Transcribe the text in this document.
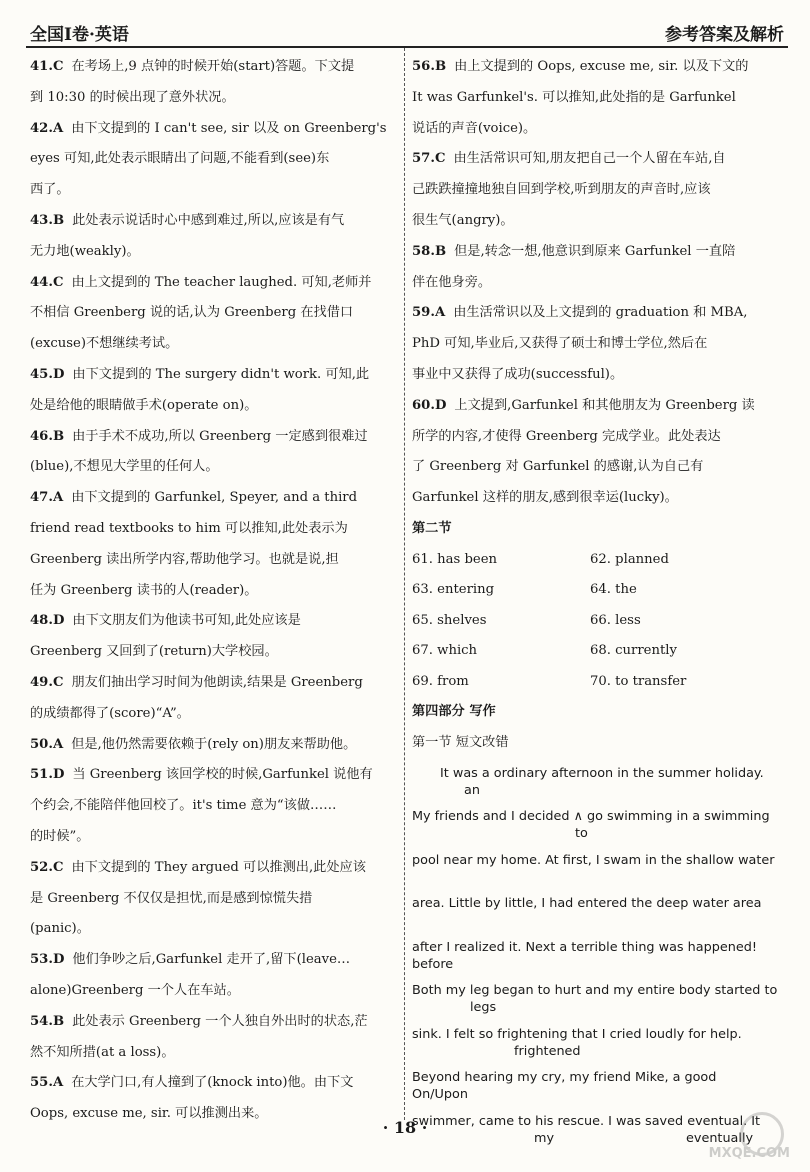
全国Ⅰ卷·英语	参考答案及解析
41.C 在考场上,9 点钟的时候开始(start)答题。下文提
到 10:30 的时候出现了意外状况。
42.A 由下文提到的 I can't see, sir 以及 on Greenberg's
eyes 可知,此处表示眼睛出了问题,不能看到(see)东
西了。
43.B 此处表示说话时心中感到难过,所以,应该是有气
无力地(weakly)。
44.C 由上文提到的 The teacher laughed. 可知,老师并
不相信 Greenberg 说的话,认为 Greenberg 在找借口
(excuse)不想继续考试。
45.D 由下文提到的 The surgery didn't work. 可知,此
处是给他的眼睛做手术(operate on)。
46.B 由于手术不成功,所以 Greenberg 一定感到很难过
(blue),不想见大学里的任何人。
47.A 由下文提到的 Garfunkel, Speyer, and a third
friend read textbooks to him 可以推知,此处表示为
Greenberg 读出所学内容,帮助他学习。也就是说,担
任为 Greenberg 读书的人(reader)。
48.D 由下文朋友们为他读书可知,此处应该是
Greenberg 又回到了(return)大学校园。
49.C 朋友们抽出学习时间为他朗读,结果是 Greenberg
的成绩都得了(score)“A”。
50.A 但是,他仍然需要依赖于(rely on)朋友来帮助他。
51.D 当 Greenberg 该回学校的时候,Garfunkel 说他有
个约会,不能陪伴他回校了。it's time 意为“该做……
的时候”。
52.C 由下文提到的 They argued 可以推测出,此处应该
是 Greenberg 不仅仅是担忧,而是感到惊慌失措
(panic)。
53.D 他们争吵之后,Garfunkel 走开了,留下(leave…
alone)Greenberg 一个人在车站。
54.B 此处表示 Greenberg 一个人独自外出时的状态,茫
然不知所措(at a loss)。
55.A 在大学门口,有人撞到了(knock into)他。由下文
Oops, excuse me, sir. 可以推测出来。
56.B 由上文提到的 Oops, excuse me, sir. 以及下文的
It was Garfunkel's. 可以推知,此处指的是 Garfunkel
说话的声音(voice)。
57.C 由生活常识可知,朋友把自己一个人留在车站,自
己跌跌撞撞地独自回到学校,听到朋友的声音时,应该
很生气(angry)。
58.B 但是,转念一想,他意识到原来 Garfunkel 一直陪
伴在他身旁。
59.A 由生活常识以及上文提到的 graduation 和 MBA,
PhD 可知,毕业后,又获得了硕士和博士学位,然后在
事业中又获得了成功(successful)。
60.D 上文提到,Garfunkel 和其他朋友为 Greenberg 读
所学的内容,才使得 Greenberg 完成学业。此处表达
了 Greenberg 对 Garfunkel 的感谢,认为自己有
Garfunkel 这样的朋友,感到很幸运(lucky)。
第二节
61. has been	62. planned
63. entering	64. the
65. shelves	66. less
67. which	68. currently
69. from	70. to transfer
第四部分 写作
第一节 短文改错
It was a ordinary afternoon in the summer holiday.
an
My friends and I decided ∧ go swimming in a swimming
to
pool near my home. At first, I swam in the shallow water
area. Little by little, I had entered the deep water area
after I realized it. Next a terrible thing was happened!
before
Both my leg began to hurt and my entire body started to
legs
sink. I felt so frightening that I cried loudly for help.
frightened
Beyond hearing my cry, my friend Mike, a good
On/Upon
swimmer, came to his rescue. I was saved eventual. It
my	eventually
· 18 ·
MXQE.COM
